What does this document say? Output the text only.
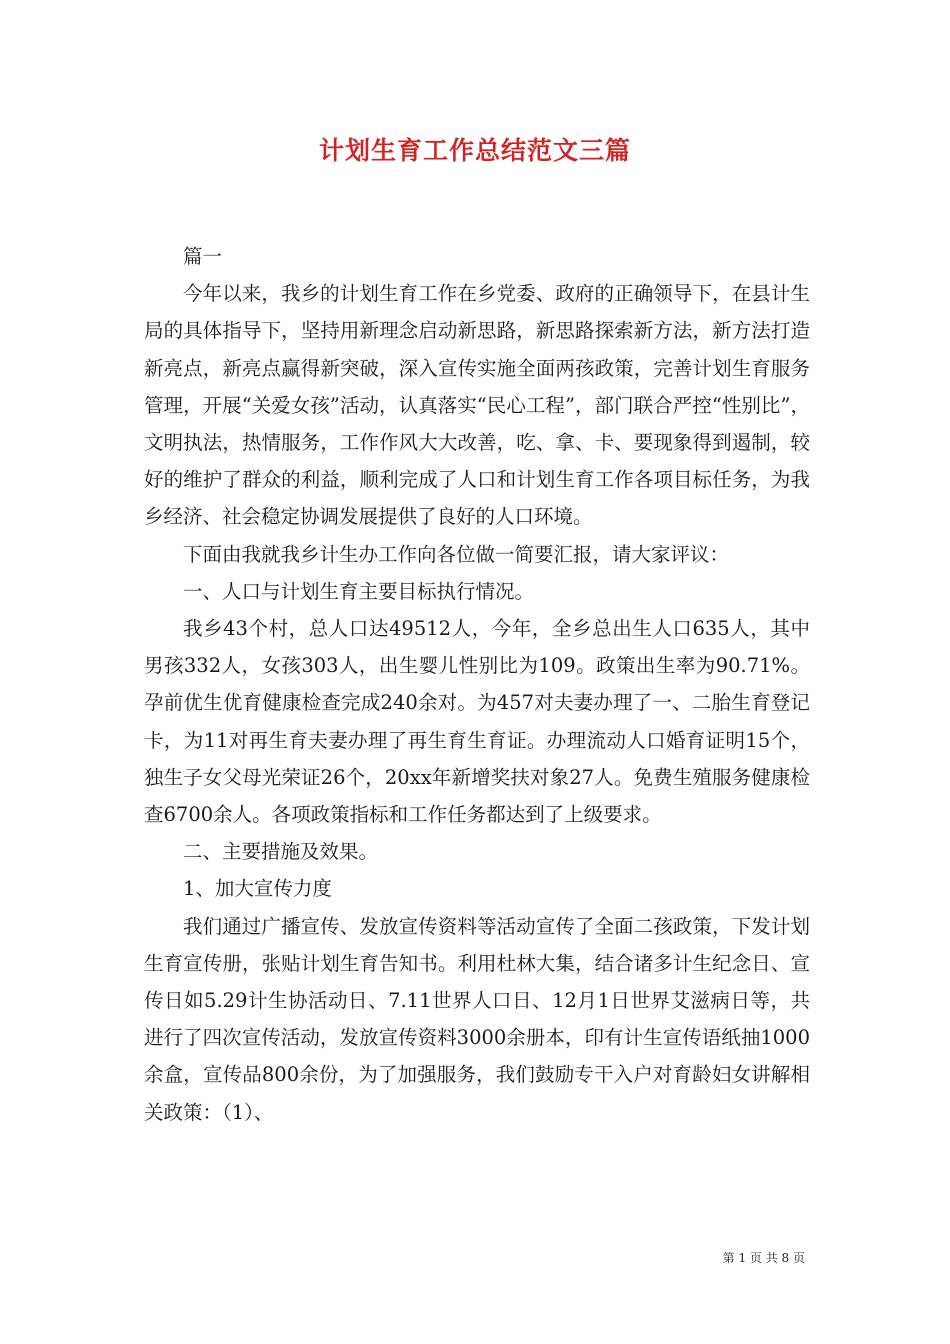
计划生育工作总结范文三篇

篇一

今年以来，我乡的计划生育工作在乡党委、政府的正确领导下，在县计生局的具体指导下，坚持用新理念启动新思路，新思路探索新方法，新方法打造新亮点，新亮点赢得新突破，深入宣传实施全面两孩政策，完善计划生育服务管理，开展“关爱女孩”活动，认真落实“民心工程”，部门联合严控“性别比”，文明执法，热情服务，工作作风大大改善，吃、拿、卡、要现象得到遏制，较好的维护了群众的利益，顺利完成了人口和计划生育工作各项目标任务，为我乡经济、社会稳定协调发展提供了良好的人口环境。

下面由我就我乡计生办工作向各位做一简要汇报，请大家评议：

一、人口与计划生育主要目标执行情况。

我乡43个村，总人口达49512人，今年，全乡总出生人口635人，其中男孩332人，女孩303人，出生婴儿性别比为109。政策出生率为90.71%。孕前优生优育健康检查完成240余对。为457对夫妻办理了一、二胎生育登记卡，为11对再生育夫妻办理了再生育生育证。办理流动人口婚育证明15个，独生子女父母光荣证26个，20xx年新增奖扶对象27人。免费生殖服务健康检查6700余人。各项政策指标和工作任务都达到了上级要求。

二、主要措施及效果。

1、加大宣传力度

我们通过广播宣传、发放宣传资料等活动宣传了全面二孩政策，下发计划生育宣传册，张贴计划生育告知书。利用杜林大集，结合诸多计生纪念日、宣传日如5.29计生协活动日、7.11世界人口日、12月1日世界艾滋病日等，共进行了四次宣传活动，发放宣传资料3000余册本，印有计生宣传语纸抽1000余盒，宣传品800余份，为了加强服务，我们鼓励专干入户对育龄妇女讲解相关政策：（1）、

第 1 页 共 8 页
